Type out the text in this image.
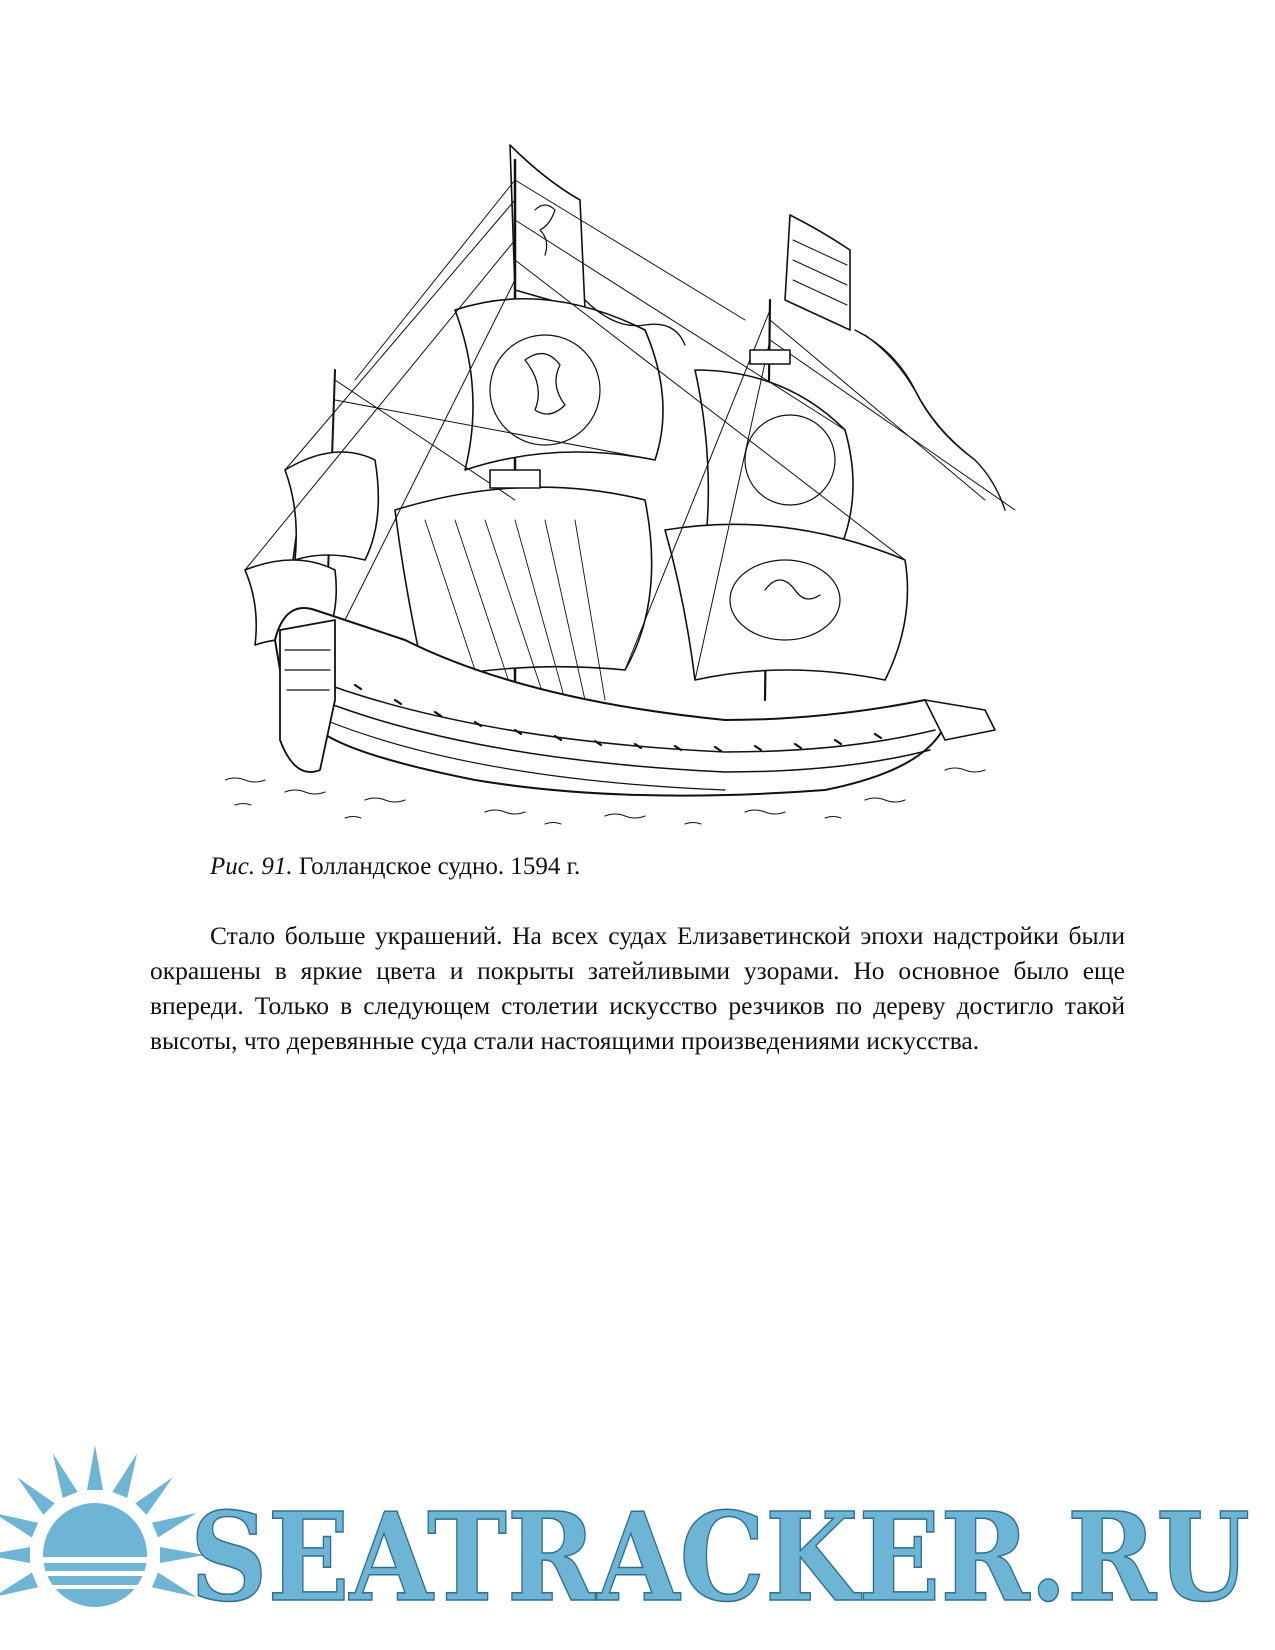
Рис. 91. Голландское судно. 1594 г.

Стало больше украшений. На всех судах Елизаветинской эпохи надстройки были окрашены в яркие цвета и покрыты затейливыми узорами. Но основное было еще впереди. Только в следующем столетии искусство резчиков по дереву достигло такой высоты, что деревянные суда стали настоящими произведениями искусства.

SEATRACKER.RU
